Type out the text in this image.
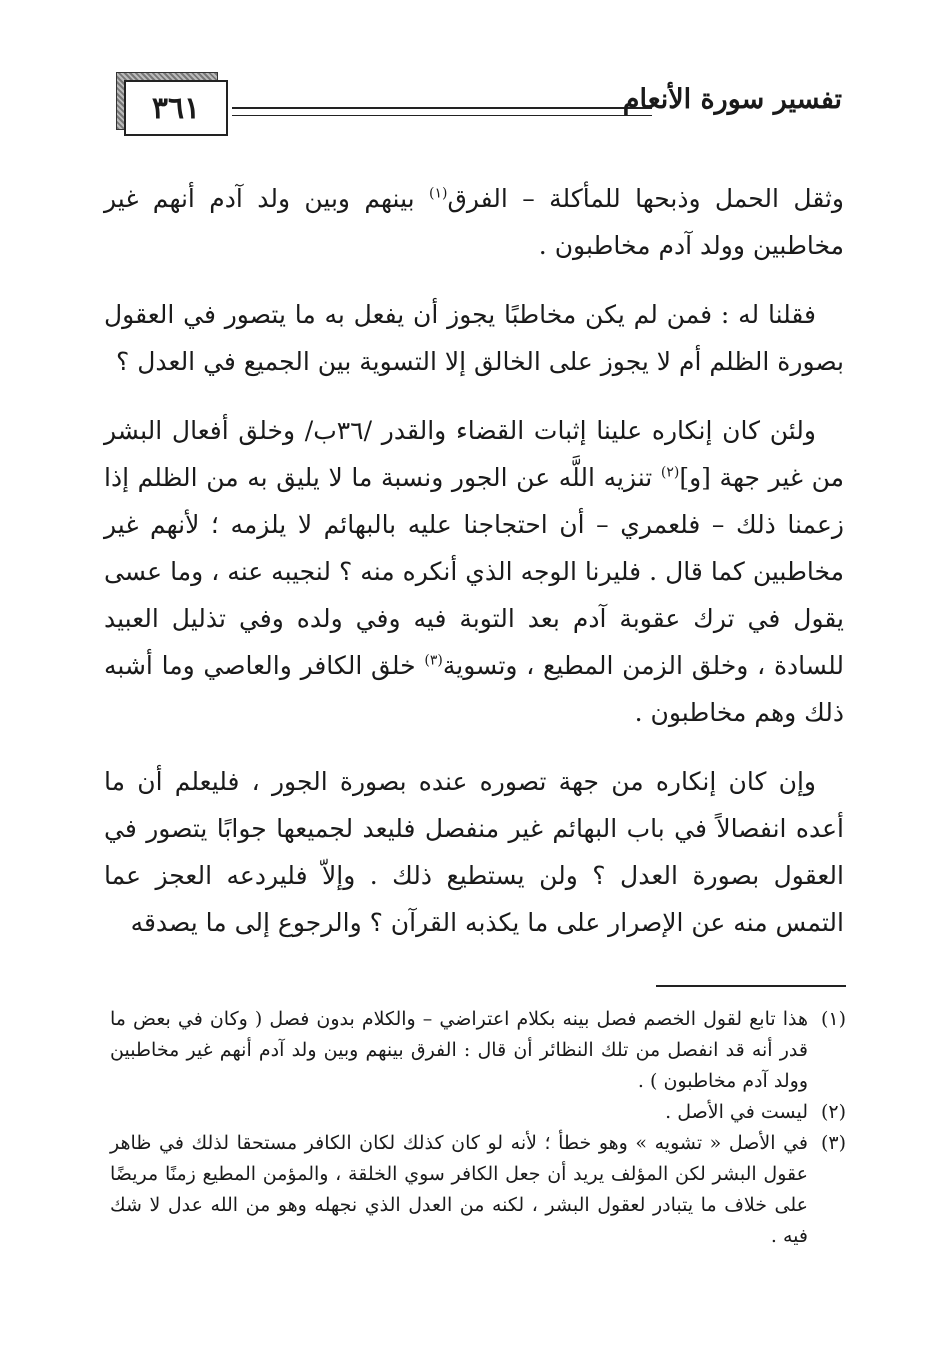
٣٦١	تفسير سورة الأنعام

وثقل الحمل وذبحها للمأكلة – الفرق$^{(١)}$ بينهم وبين ولد آدم أنهم غير مخاطبين وولد آدم مخاطبون .

فقلنا له : فمن لم يكن مخاطبًا يجوز أن يفعل به ما يتصور في العقول بصورة الظلم أم لا يجوز على الخالق إلا التسوية بين الجميع في العدل ؟

ولئن كان إنكاره علينا إثبات القضاء والقدر /٣٦ب/ وخلق أفعال البشر من غير جهة [و]$^{(٢)}$ تنزيه اللَّه عن الجور ونسبة ما لا يليق به من الظلم إذا زعمنا ذلك – فلعمري – أن احتجاجنا عليه بالبهائم لا يلزمه ؛ لأنهم غير مخاطبين كما قال . فليرنا الوجه الذي أنكره منه ؟ لنجيبه عنه ، وما عسى يقول في ترك عقوبة آدم بعد التوبة فيه وفي ولده وفي تذليل العبيد للسادة ، وخلق الزمن المطيع ، وتسوية$^{(٣)}$ خلق الكافر والعاصي وما أشبه ذلك وهم مخاطبون .

وإن كان إنكاره من جهة تصوره عنده بصورة الجور ، فليعلم أن ما أعده انفصالاً في باب البهائم غير منفصل فليعد لجميعها جوابًا يتصور في العقول بصورة العدل ؟ ولن يستطيع ذلك . وإلاّ فليردعه العجز عما التمس منه عن الإصرار على ما يكذبه القرآن ؟ والرجوع إلى ما يصدقه

(١)
هذا تابع لقول الخصم فصل بينه بكلام اعتراضي – والكلام بدون فصل ( وكان في بعض ما قدر أنه قد انفصل من تلك النظائر أن قال : الفرق بينهم وبين ولد آدم أنهم غير مخاطبين وولد آدم مخاطبون ) .
(٢)
ليست في الأصل .
(٣)
في الأصل « تشويه » وهو خطأ ؛ لأنه لو كان كذلك لكان الكافر مستحقا لذلك في ظاهر عقول البشر لكن المؤلف يريد أن جعل الكافر سوي الخلقة ، والمؤمن المطيع زمنًا مريضًا على خلاف ما يتبادر لعقول البشر ، لكنه من العدل الذي نجهله وهو من الله عدل لا شك فيه .
